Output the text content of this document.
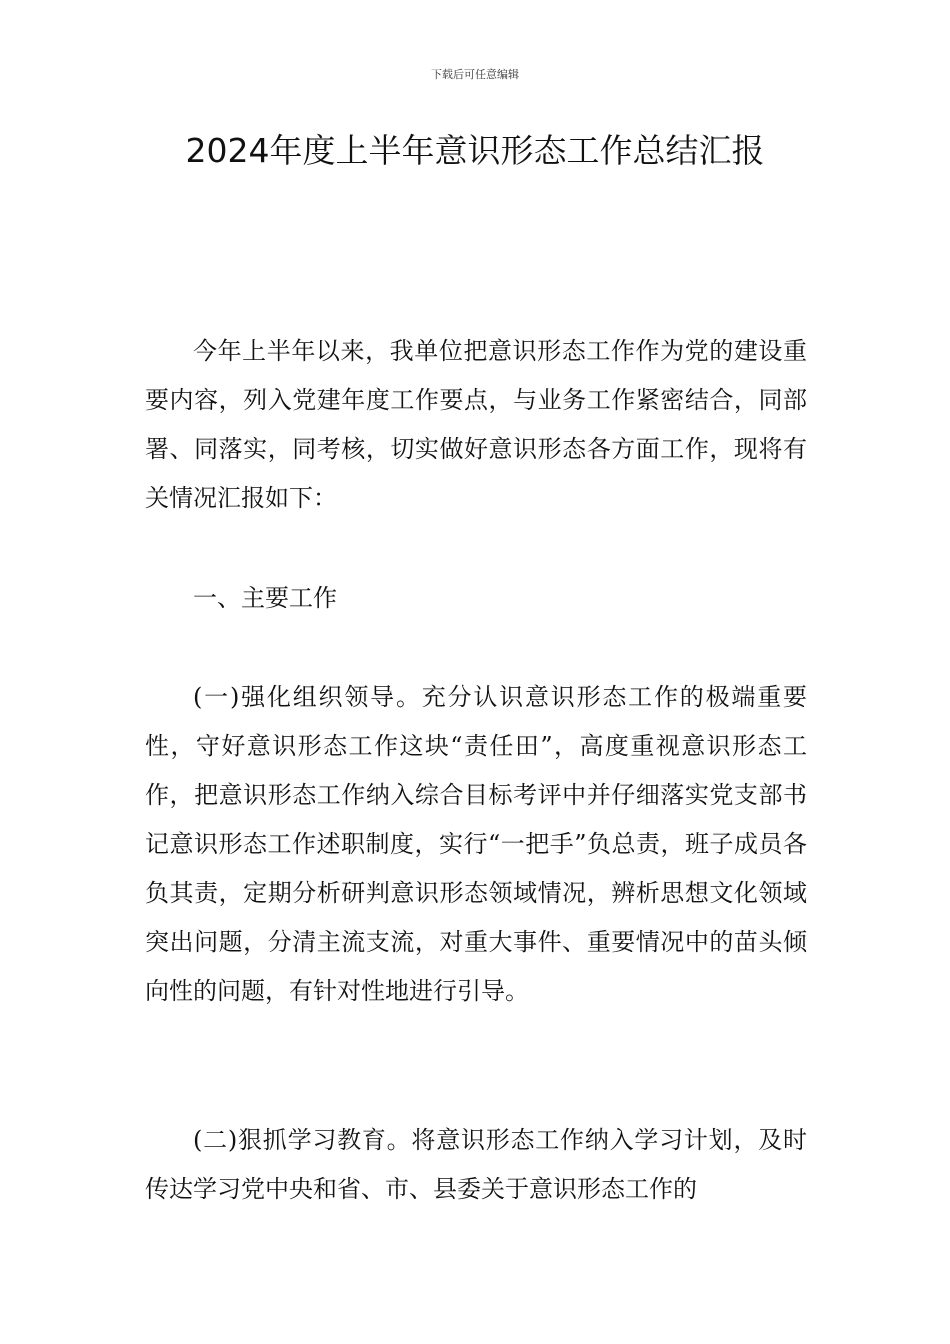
下载后可任意编辑
2024年度上半年意识形态工作总结汇报

今年上半年以来，我单位把意识形态工作作为党的建设重要内容，列入党建年度工作要点，与业务工作紧密结合，同部署、同落实，同考核，切实做好意识形态各方面工作，现将有关情况汇报如下：

一、主要工作

(一)强化组织领导。充分认识意识形态工作的极端重要性，守好意识形态工作这块“责任田”，高度重视意识形态工作，把意识形态工作纳入综合目标考评中并仔细落实党支部书记意识形态工作述职制度，实行“一把手”负总责，班子成员各负其责，定期分析研判意识形态领域情况，辨析思想文化领域突出问题，分清主流支流，对重大事件、重要情况中的苗头倾向性的问题，有针对性地进行引导。

(二)狠抓学习教育。将意识形态工作纳入学习计划，及时传达学习党中央和省、市、县委关于意识形态工作的
